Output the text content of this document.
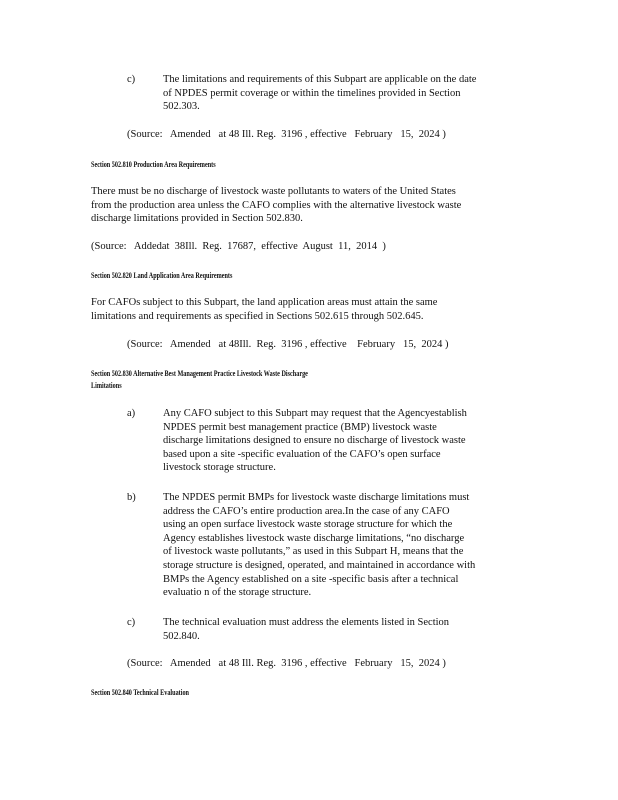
c)	The limitations and requirements of this Subpart are applicable on the date
of NPDES permit coverage or within the timelines provided in Section
502.303.

(Source:   Amended   at 48 Ill. Reg.  3196 , effective   February   15,  2024 )

Section 502.810 Production Area Requirements

There must be no discharge of livestock waste pollutants to waters of the United States
from the production area unless the CAFO complies with the alternative livestock waste
discharge limitations provided in Section 502.830.

(Source:   Addedat  38Ill.  Reg.  17687,  effective  August  11,  2014  )

Section 502.820 Land Application Area Requirements

For CAFOs subject to this Subpart, the land application areas must attain the same
limitations and requirements as specified in Sections 502.615 through 502.645.

(Source:   Amended   at 48Ill.  Reg.  3196 , effective    February   15,  2024 )

Section 502.830 Alternative Best Management Practice Livestock Waste Discharge
Limitations

a)	Any CAFO subject to this Subpart may request that the Agencyestablish
NPDES permit best management practice (BMP) livestock waste
discharge limitations designed to ensure no discharge of livestock waste
based upon a site -specific evaluation of the CAFO’s open surface
livestock storage structure.
b)	The NPDES permit BMPs for livestock waste discharge limitations must
address the CAFO’s entire production area.In the case of any CAFO
using an open surface livestock waste storage structure for which the
Agency establishes livestock waste discharge limitations, “no discharge
of livestock waste pollutants,” as used in this Subpart H, means that the
storage structure is designed, operated, and maintained in accordance with
BMPs the Agency established on a site -specific basis after a technical
evaluatio n of the storage structure.
c)	The technical evaluation must address the elements listed in Section
502.840.

(Source:   Amended   at 48 Ill. Reg.  3196 , effective   February   15,  2024 )

Section 502.840 Technical Evaluation
